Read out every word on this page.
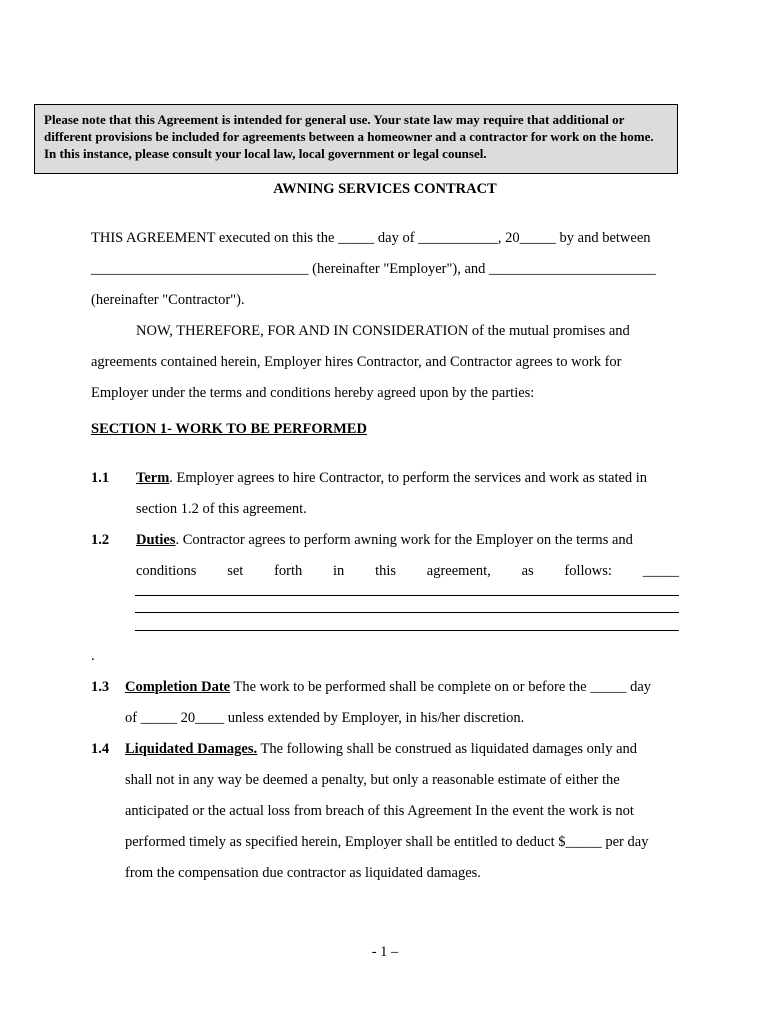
Please note that this Agreement is intended for general use. Your state law may require that additional or different provisions be included for agreements between a homeowner and a contractor for work on the home. In this instance, please consult your local law, local government or legal counsel.
AWNING SERVICES CONTRACT
THIS AGREEMENT executed on this the _____ day of ___________, 20_____ by and between
______________________________ (hereinafter "Employer"), and _______________________
(hereinafter "Contractor").
NOW, THEREFORE, FOR AND IN CONSIDERATION of the mutual promises and
agreements contained herein, Employer hires Contractor, and Contractor agrees to work for
Employer under the terms and conditions hereby agreed upon by the parties:
SECTION 1- WORK TO BE PERFORMED
1.1 Term. Employer agrees to hire Contractor, to perform the services and work as stated in
section 1.2 of this agreement.
1.2 Duties. Contractor agrees to perform awning work for the Employer on the terms and
conditions set forth in this agreement, as follows: _____
.
1.3 Completion Date The work to be performed shall be complete on or before the _____ day
of _____ 20____ unless extended by Employer, in his/her discretion.
1.4 Liquidated Damages. The following shall be construed as liquidated damages only and
shall not in any way be deemed a penalty, but only a reasonable estimate of either the
anticipated or the actual loss from breach of this Agreement In the event the work is not
performed timely as specified herein, Employer shall be entitled to deduct $_____ per day
from the compensation due contractor as liquidated damages.
- 1 –
